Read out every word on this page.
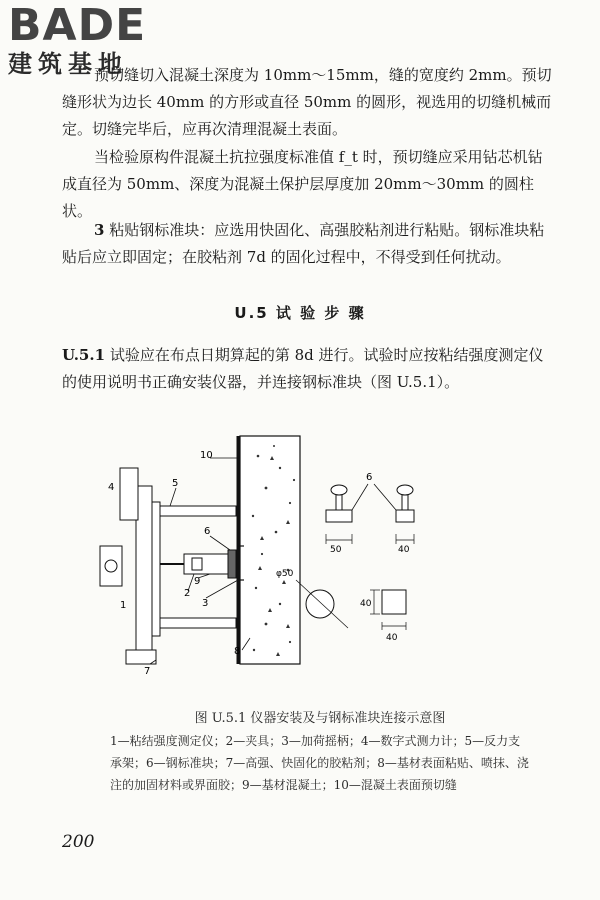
BADE
建筑基地
预切缝切入混凝土深度为 10mm～15mm，缝的宽度约 2mm。预切缝形状为边长 40mm 的方形或直径 50mm 的圆形，视选用的切缝机械而定。切缝完毕后，应再次清理混凝土表面。
当检验原构件混凝土抗拉强度标准值 f_t 时，预切缝应采用钻芯机钻成直径为 50mm、深度为混凝土保护层厚度加 20mm～30mm 的圆柱状。
3 粘贴钢标准块：应选用快固化、高强胶粘剂进行粘贴。钢标准块粘贴后应立即固定；在胶粘剂 7d 的固化过程中，不得受到任何扰动。
U.5 试 验 步 骤
U.5.1 试验应在布点日期算起的第 8d 进行。试验时应按粘结强度测定仪的使用说明书正确安装仪器，并连接钢标准块（图 U.5.1）。
10
4	5
6
1
2
9
3
8
7
6
50	40
40
40
φ50
图 U.5.1 仪器安装及与钢标准块连接示意图
1—粘结强度测定仪；2—夹具；3—加荷摇柄；4—数字式测力计；5—反力支承架；6—钢标准块；7—高强、快固化的胶粘剂；8—基材表面粘贴、喷抹、浇注的加固材料或界面胶；9—基材混凝土；10—混凝土表面预切缝
200
